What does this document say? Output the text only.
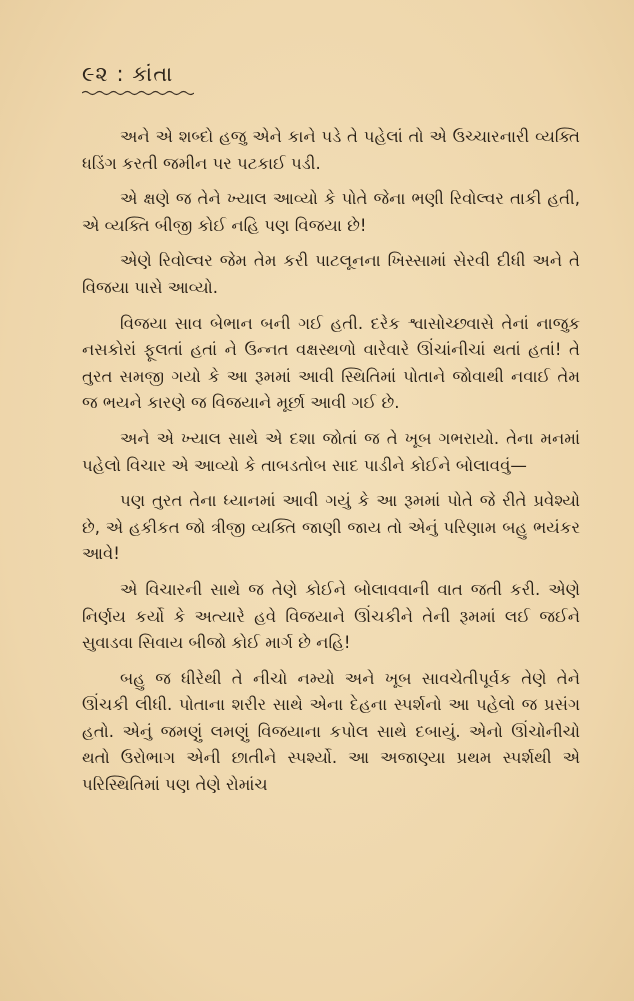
૯૨ : કાંતા

અને એ શબ્દો હજુ એને કાને પડે તે પહેલાં તો એ ઉચ્ચારનારી વ્યક્તિ ધડિંગ કરતી જમીન પર પટકાઈ પડી.

એ ક્ષણે જ તેને ખ્યાલ આવ્યો કે પોતે જેના ભણી રિવોલ્વર તાકી હતી, એ વ્યક્તિ બીજી કોઈ નહિ પણ વિજયા છે!

એણે રિવોલ્વર જેમ તેમ કરી પાટલૂનના ખિસ્સામાં સેરવી દીધી અને તે વિજયા પાસે આવ્યો.

વિજયા સાવ બેભાન બની ગઈ હતી. દરેક શ્વાસોચ્છ્વાસે તેનાં નાજુક નસકોરાં ફૂલતાં હતાં ને ઉન્નત વક્ષસ્થળો વારેવારે ઊંચાંનીચાં થતાં હતાં! તે તુરત સમજી ગયો કે આ રૂમમાં આવી સ્થિતિમાં પોતાને જોવાથી નવાઈ તેમ જ ભયને કારણે જ વિજયાને મૂર્છા આવી ગઈ છે.

અને એ ખ્યાલ સાથે એ દશા જોતાં જ તે ખૂબ ગભરાયો. તેના મનમાં પહેલો વિચાર એ આવ્યો કે તાબડતોબ સાદ પાડીને કોઈને બોલાવવું—

પણ તુરત તેના ધ્યાનમાં આવી ગયું કે આ રૂમમાં પોતે જે રીતે પ્રવેશ્યો છે, એ હકીકત જો ત્રીજી વ્યક્તિ જાણી જાય તો એનું પરિણામ બહુ ભયંકર આવે!

એ વિચારની સાથે જ તેણે કોઈને બોલાવવાની વાત જતી કરી. એણે નિર્ણય કર્યો કે અત્યારે હવે વિજયાને ઊંચકીને તેની રૂમમાં લઈ જઈને સુવાડવા સિવાય બીજો કોઈ માર્ગ છે નહિ!

બહુ જ ધીરેથી તે નીચો નમ્યો અને ખૂબ સાવચેતીપૂર્વક તેણે તેને ઊંચકી લીધી. પોતાના શરીર સાથે એના દેહના સ્પર્શનો આ પહેલો જ પ્રસંગ હતો. એનું જમણું લમણું વિજયાના કપોલ સાથે દબાયું. એનો ઊંચોનીચો થતો ઉરોભાગ એની છાતીને સ્પર્શ્યો. આ અજાણ્યા પ્રથમ સ્પર્શથી એ પરિસ્થિતિમાં પણ તેણે રોમાંચ
